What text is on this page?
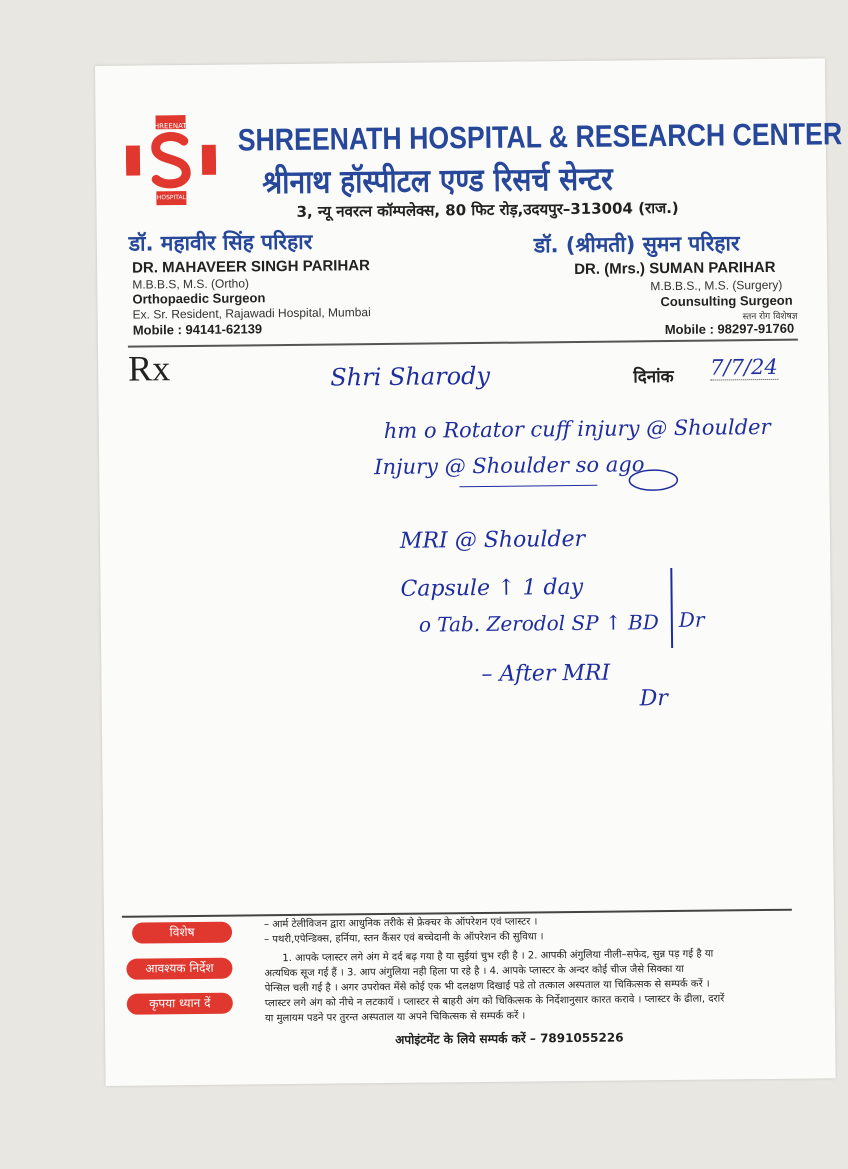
SHREENATH
HOSPITAL
SHREENATH HOSPITAL & RESEARCH CENTER
श्रीनाथ हॉस्पीटल एण्ड रिसर्च सेन्टर
3, न्यू नवरत्न कॉम्पलेक्स, 80 फिट रोड़,उदयपुर–313004 (राज.)
डॉ. महावीर सिंह परिहार
DR. MAHAVEER SINGH PARIHAR
M.B.B.S, M.S. (Ortho)
Orthopaedic Surgeon
Ex. Sr. Resident, Rajawadi Hospital, Mumbai
Mobile : 94141-62139
डॉ. (श्रीमती) सुमन परिहार
DR. (Mrs.) SUMAN PARIHAR
M.B.B.S., M.S. (Surgery)
Counsulting Surgeon
स्तन रोग विशेषज्ञ
Mobile : 98297-91760
Rx	दिनांक 7/7/24
Shri Sharody
hm o Rotator cuff injury @ Shoulder
Injury @ Shoulder so ago
MRI @ Shoulder
Capsule ↑ 1 day
o Tab. Zerodol SP ↑ BD
– After MRI
Dr
Dr
विशेष
आवश्यक निर्देश
कृपया ध्यान दें
– आर्म टेलीविजन द्वारा आधुनिक तरीके से फ्रेक्चर के ऑपरेशन एवं प्लास्टर ।
– पथरी,एपेन्डिक्स, हर्निया, स्तन कैंसर एवं बच्चेदानी के ऑपरेशन की सुविधा ।
1. आपके प्लास्टर लगे अंग मे दर्द बढ़ गया है या सुईयां चुभ रही है । 2. आपकी अंगुलिया नीली–सफेद, सुन्न पड़ गई है या
अत्यधिक सूज गई हैं । 3. आप अंगुलिया नही हिला पा रहे है । 4. आपके प्लास्टर के अन्दर कोई चीज जैसे सिक्का या
पेन्सिल चली गई है । अगर उपरोक्त मेंसे कोई एक भी दलक्षण दिखाई पडे तो तत्काल अस्पताल या चिकित्सक से सम्पर्क करें ।
प्लास्टर लगे अंग को नीचे न लटकायें । प्लास्टर से बाहरी अंग को चिकित्सक के निर्देशानुसार कारत करावे । प्लास्टर के ढीला, दरारें
या मुलायम पडने पर तुरन्त अस्पताल या अपने चिकित्सक से सम्पर्क करें ।
अपोइंटमेंट के लिये सम्पर्क करें – 7891055226
